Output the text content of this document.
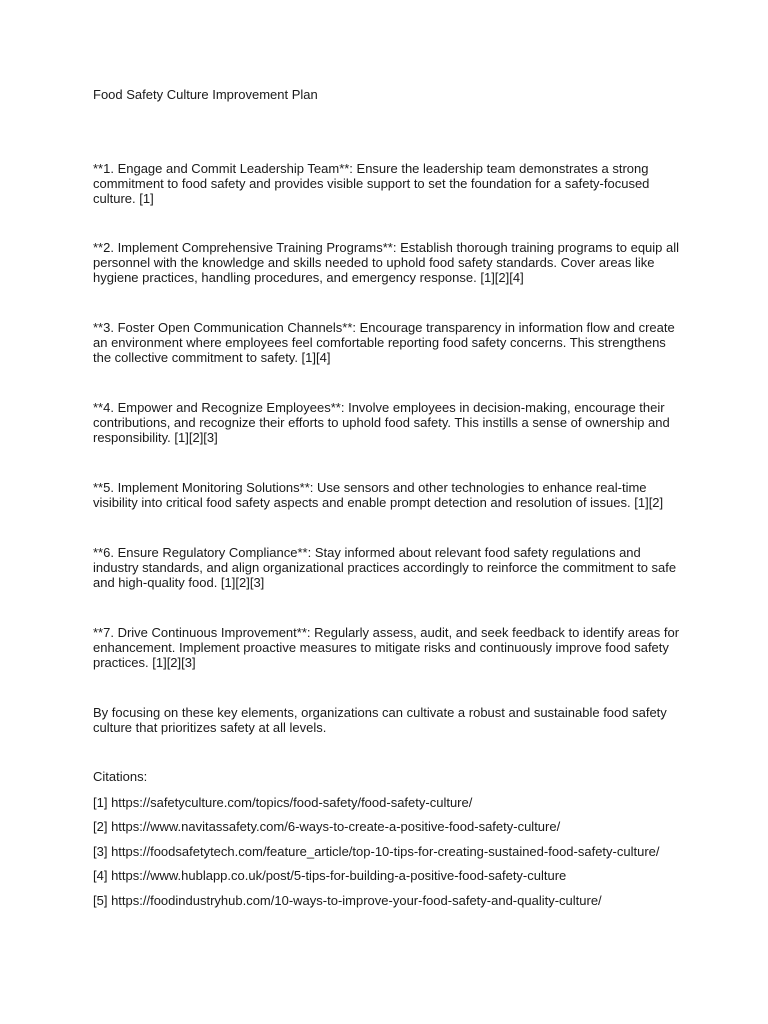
Food Safety Culture Improvement Plan

**1. Engage and Commit Leadership Team**: Ensure the leadership team demonstrates a strong commitment to food safety and provides visible support to set the foundation for a safety-focused culture. [1]

**2. Implement Comprehensive Training Programs**: Establish thorough training programs to equip all personnel with the knowledge and skills needed to uphold food safety standards. Cover areas like hygiene practices, handling procedures, and emergency response. [1][2][4]

**3. Foster Open Communication Channels**: Encourage transparency in information flow and create an environment where employees feel comfortable reporting food safety concerns. This strengthens the collective commitment to safety. [1][4]

**4. Empower and Recognize Employees**: Involve employees in decision-making, encourage their contributions, and recognize their efforts to uphold food safety. This instills a sense of ownership and responsibility. [1][2][3]

**5. Implement Monitoring Solutions**: Use sensors and other technologies to enhance real-time visibility into critical food safety aspects and enable prompt detection and resolution of issues. [1][2]

**6. Ensure Regulatory Compliance**: Stay informed about relevant food safety regulations and industry standards, and align organizational practices accordingly to reinforce the commitment to safe and high-quality food. [1][2][3]

**7. Drive Continuous Improvement**: Regularly assess, audit, and seek feedback to identify areas for enhancement. Implement proactive measures to mitigate risks and continuously improve food safety practices. [1][2][3]

By focusing on these key elements, organizations can cultivate a robust and sustainable food safety culture that prioritizes safety at all levels.

Citations:

[1] https://safetyculture.com/topics/food-safety/food-safety-culture/

[2] https://www.navitassafety.com/6-ways-to-create-a-positive-food-safety-culture/

[3] https://foodsafetytech.com/feature_article/top-10-tips-for-creating-sustained-food-safety-culture/

[4] https://www.hublapp.co.uk/post/5-tips-for-building-a-positive-food-safety-culture

[5] https://foodindustryhub.com/10-ways-to-improve-your-food-safety-and-quality-culture/
